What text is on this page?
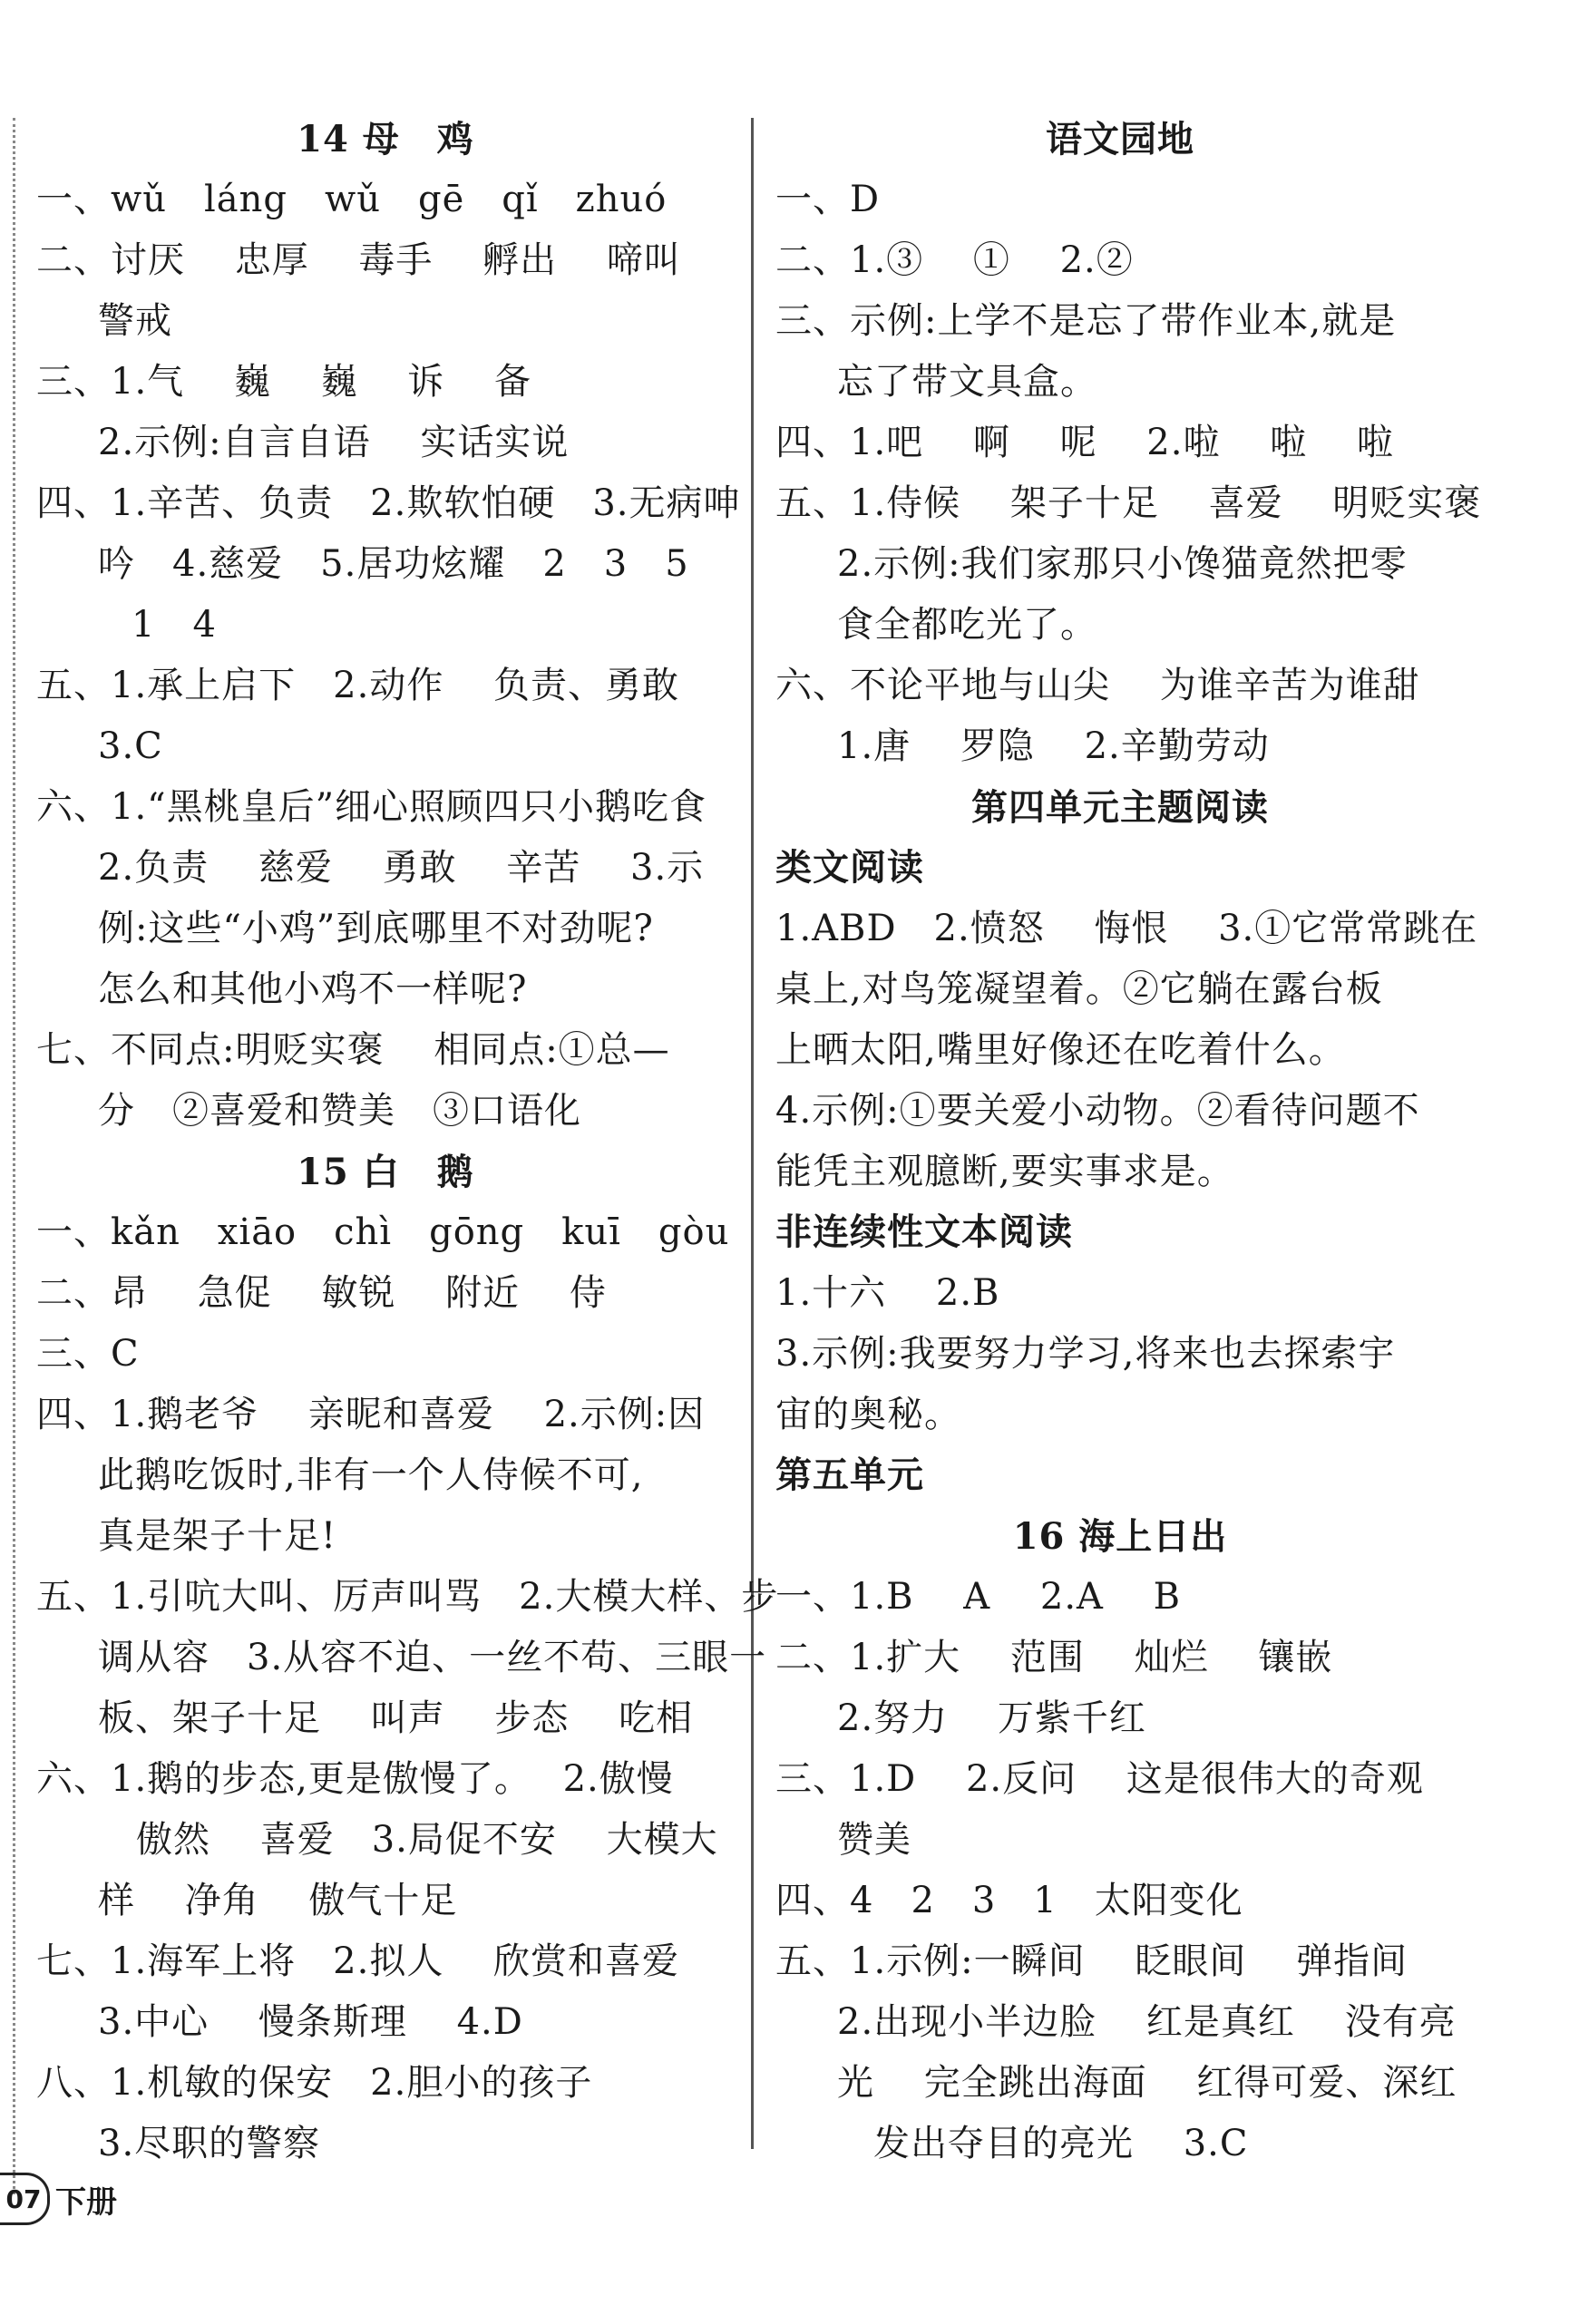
14 母　鸡
一、wǔ　láng　wǔ　gē　qǐ　zhuó
二、讨厌　 忠厚　 毒手　 孵出　 啼叫
警戒
三、1.气　 巍　 巍　 诉　 备
2.示例:自言自语　 实话实说
四、1.辛苦、负责　2.欺软怕硬　3.无病呻
吟　4.慈爱　5.居功炫耀　2　3　5
1　4
五、1.承上启下　2.动作　 负责、勇敢
3.C
六、1.“黑桃皇后”细心照顾四只小鹅吃食
2.负责　 慈爱　 勇敢　 辛苦　 3.示
例:这些“小鸡”到底哪里不对劲呢?
怎么和其他小鸡不一样呢?
七、不同点:明贬实褒　 相同点:①总—
分　②喜爱和赞美　③口语化
15 白　鹅
一、kǎn　xiāo　chì　gōng　kuī　gòu
二、昂　 急促　 敏锐　 附近　 侍
三、C
四、1.鹅老爷　 亲昵和喜爱　 2.示例:因
此鹅吃饭时,非有一个人侍候不可,
真是架子十足!
五、1.引吭大叫、厉声叫骂　2.大模大样、步
调从容　3.从容不迫、一丝不苟、三眼一
板、架子十足　 叫声　 步态　 吃相
六、1.鹅的步态,更是傲慢了。　 2.傲慢
傲然　 喜爱　3.局促不安　 大模大
样　 净角　 傲气十足
七、1.海军上将　2.拟人　 欣赏和喜爱
3.中心　 慢条斯理　 4.D
八、1.机敏的保安　2.胆小的孩子
3.尽职的警察
语文园地
一、D
二、1.③　 ①　 2.②
三、示例:上学不是忘了带作业本,就是
忘了带文具盒。
四、1.吧　 啊　 呢　 2.啦　 啦　 啦
五、1.侍候　 架子十足　 喜爱　 明贬实褒
2.示例:我们家那只小馋猫竟然把零
食全都吃光了。
六、不论平地与山尖　 为谁辛苦为谁甜
1.唐　 罗隐　 2.辛勤劳动
第四单元主题阅读
类文阅读
1.ABD　2.愤怒　 悔恨　 3.①它常常跳在
桌上,对鸟笼凝望着。②它躺在露台板
上晒太阳,嘴里好像还在吃着什么。
4.示例:①要关爱小动物。②看待问题不
能凭主观臆断,要实事求是。
非连续性文本阅读
1.十六　 2.B
3.示例:我要努力学习,将来也去探索宇
宙的奥秘。
第五单元
16 海上日出
一、1.B　 A　 2.A　 B
二、1.扩大　 范围　 灿烂　 镶嵌
2.努力　 万紫千红
三、1.D　 2.反问　 这是很伟大的奇观
赞美
四、4　2　3　1　太阳变化
五、1.示例:一瞬间　 眨眼间　 弹指间
2.出现小半边脸　 红是真红　 没有亮
光　 完全跳出海面　 红得可爱、深红
发出夺目的亮光　 3.C
07 下册
